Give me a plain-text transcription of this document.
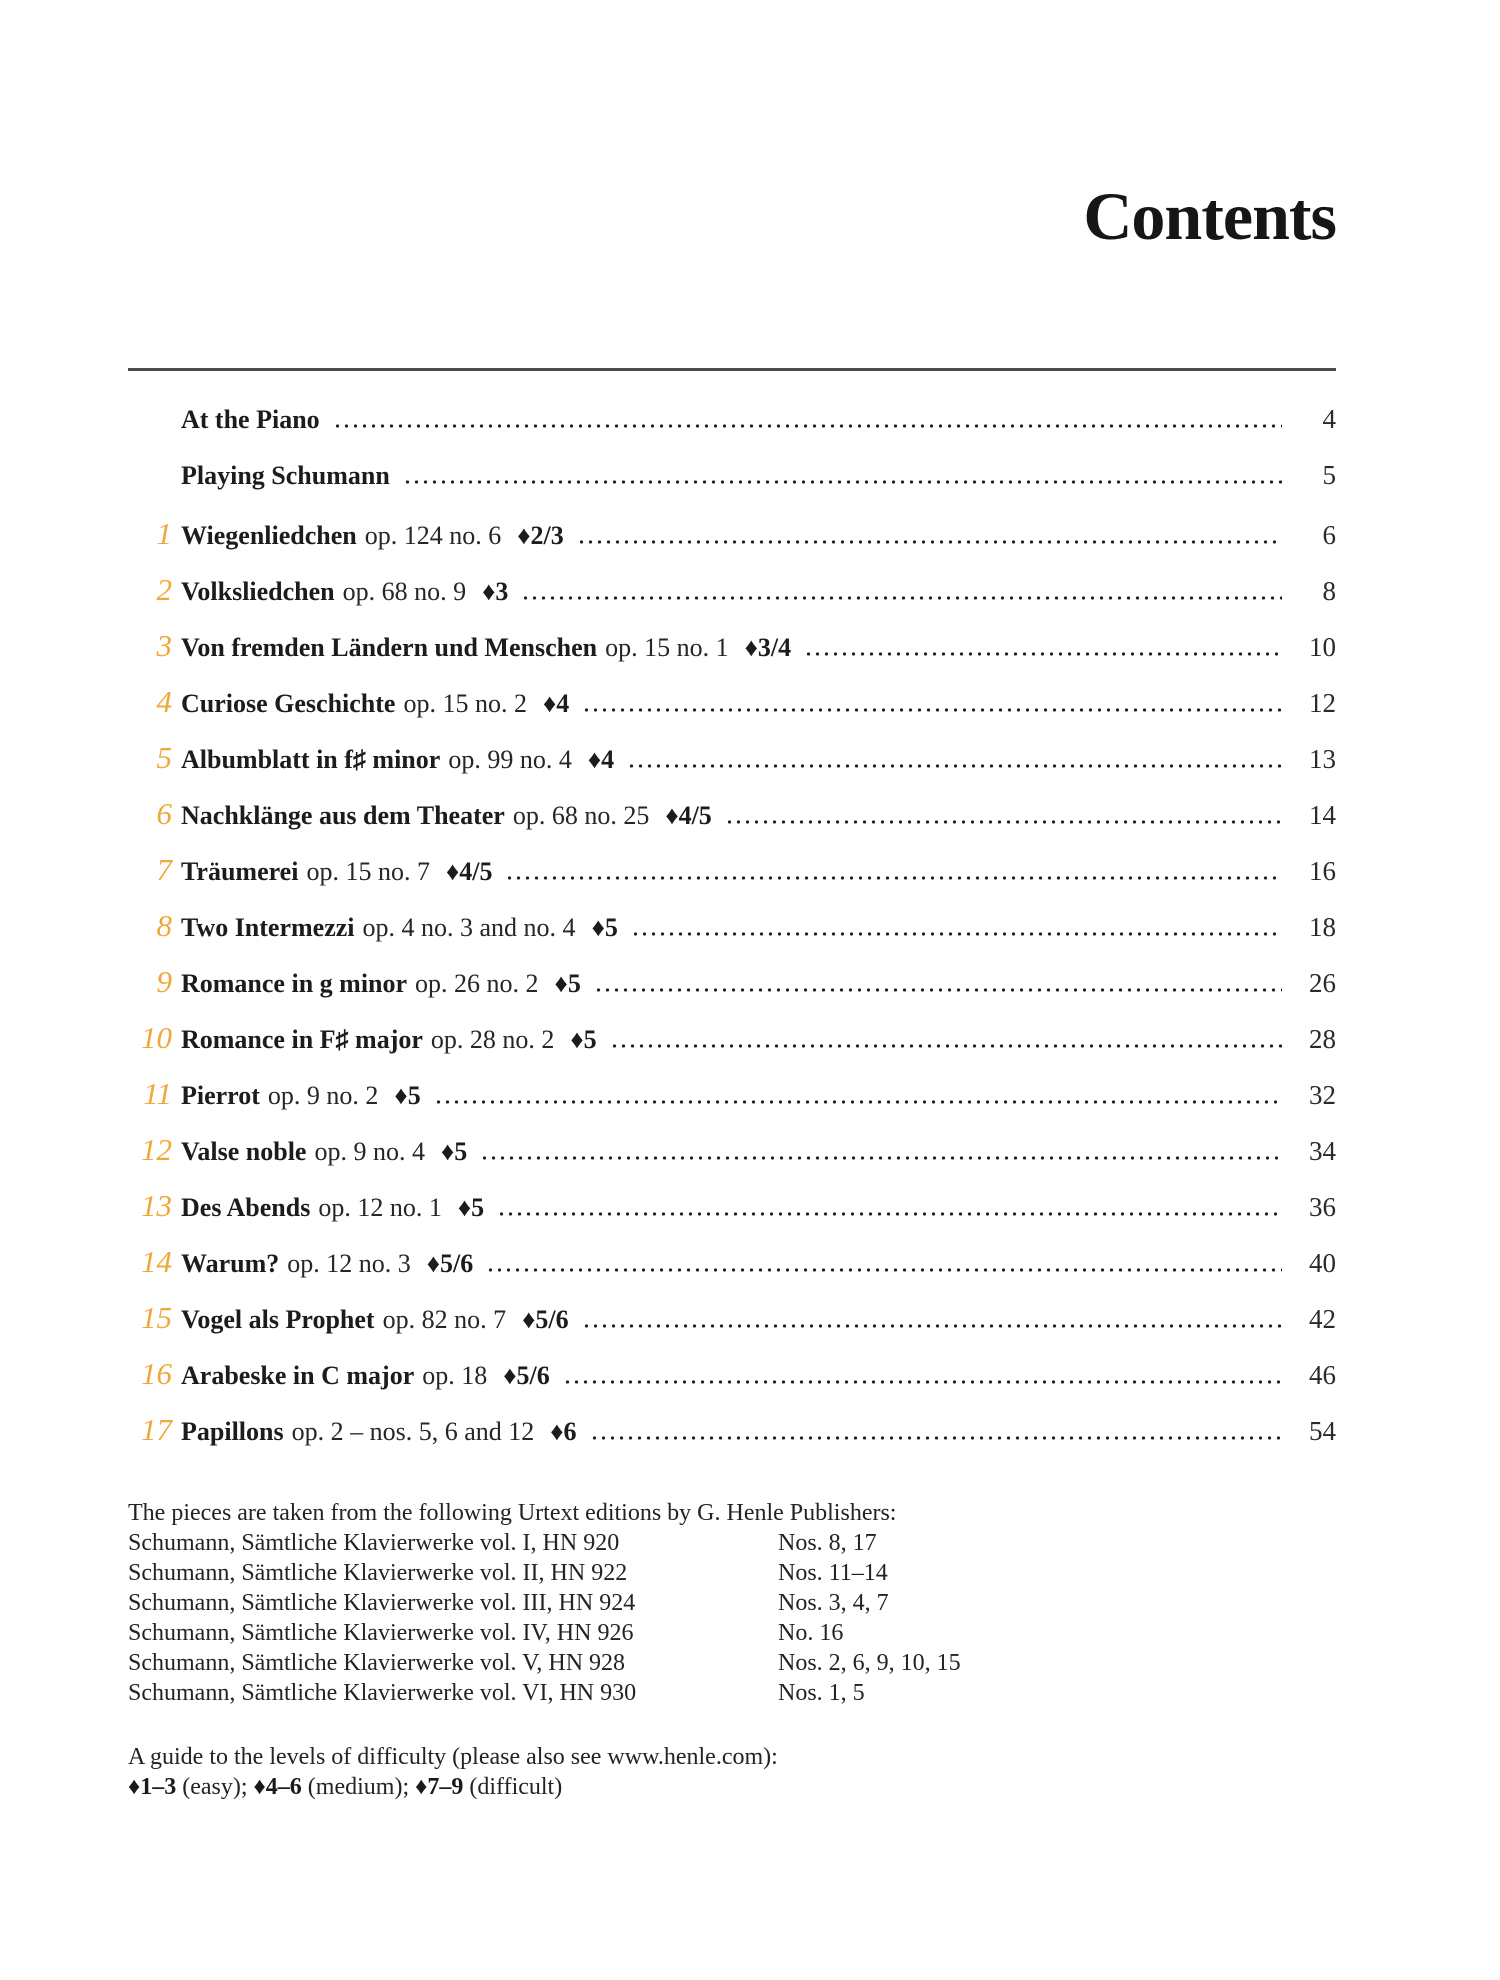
Contents
At the Piano	4
Playing Schumann	5
1 Wiegenliedchen op. 124 no. 6 ♦2/3	6
2 Volksliedchen op. 68 no. 9 ♦3	8
3 Von fremden Ländern und Menschen op. 15 no. 1 ♦3/4	10
4 Curiose Geschichte op. 15 no. 2 ♦4	12
5 Albumblatt in f♯ minor op. 99 no. 4 ♦4	13
6 Nachklänge aus dem Theater op. 68 no. 25 ♦4/5	14
7 Träumerei op. 15 no. 7 ♦4/5	16
8 Two Intermezzi op. 4 no. 3 and no. 4 ♦5	18
9 Romance in g minor op. 26 no. 2 ♦5	26
10 Romance in F♯ major op. 28 no. 2 ♦5	28
11 Pierrot op. 9 no. 2 ♦5	32
12 Valse noble op. 9 no. 4 ♦5	34
13 Des Abends op. 12 no. 1 ♦5	36
14 Warum? op. 12 no. 3 ♦5/6	40
15 Vogel als Prophet op. 82 no. 7 ♦5/6	42
16 Arabeske in C major op. 18 ♦5/6	46
17 Papillons op. 2 – nos. 5, 6 and 12 ♦6	54
The pieces are taken from the following Urtext editions by G. Henle Publishers:
Schumann, Sämtliche Klavierwerke vol. I, HN 920	Nos. 8, 17
Schumann, Sämtliche Klavierwerke vol. II, HN 922	Nos. 11–14
Schumann, Sämtliche Klavierwerke vol. III, HN 924	Nos. 3, 4, 7
Schumann, Sämtliche Klavierwerke vol. IV, HN 926	No. 16
Schumann, Sämtliche Klavierwerke vol. V, HN 928	Nos. 2, 6, 9, 10, 15
Schumann, Sämtliche Klavierwerke vol. VI, HN 930	Nos. 1, 5
A guide to the levels of difficulty (please also see www.henle.com):
♦1–3 (easy); ♦4–6 (medium); ♦7–9 (difficult)
